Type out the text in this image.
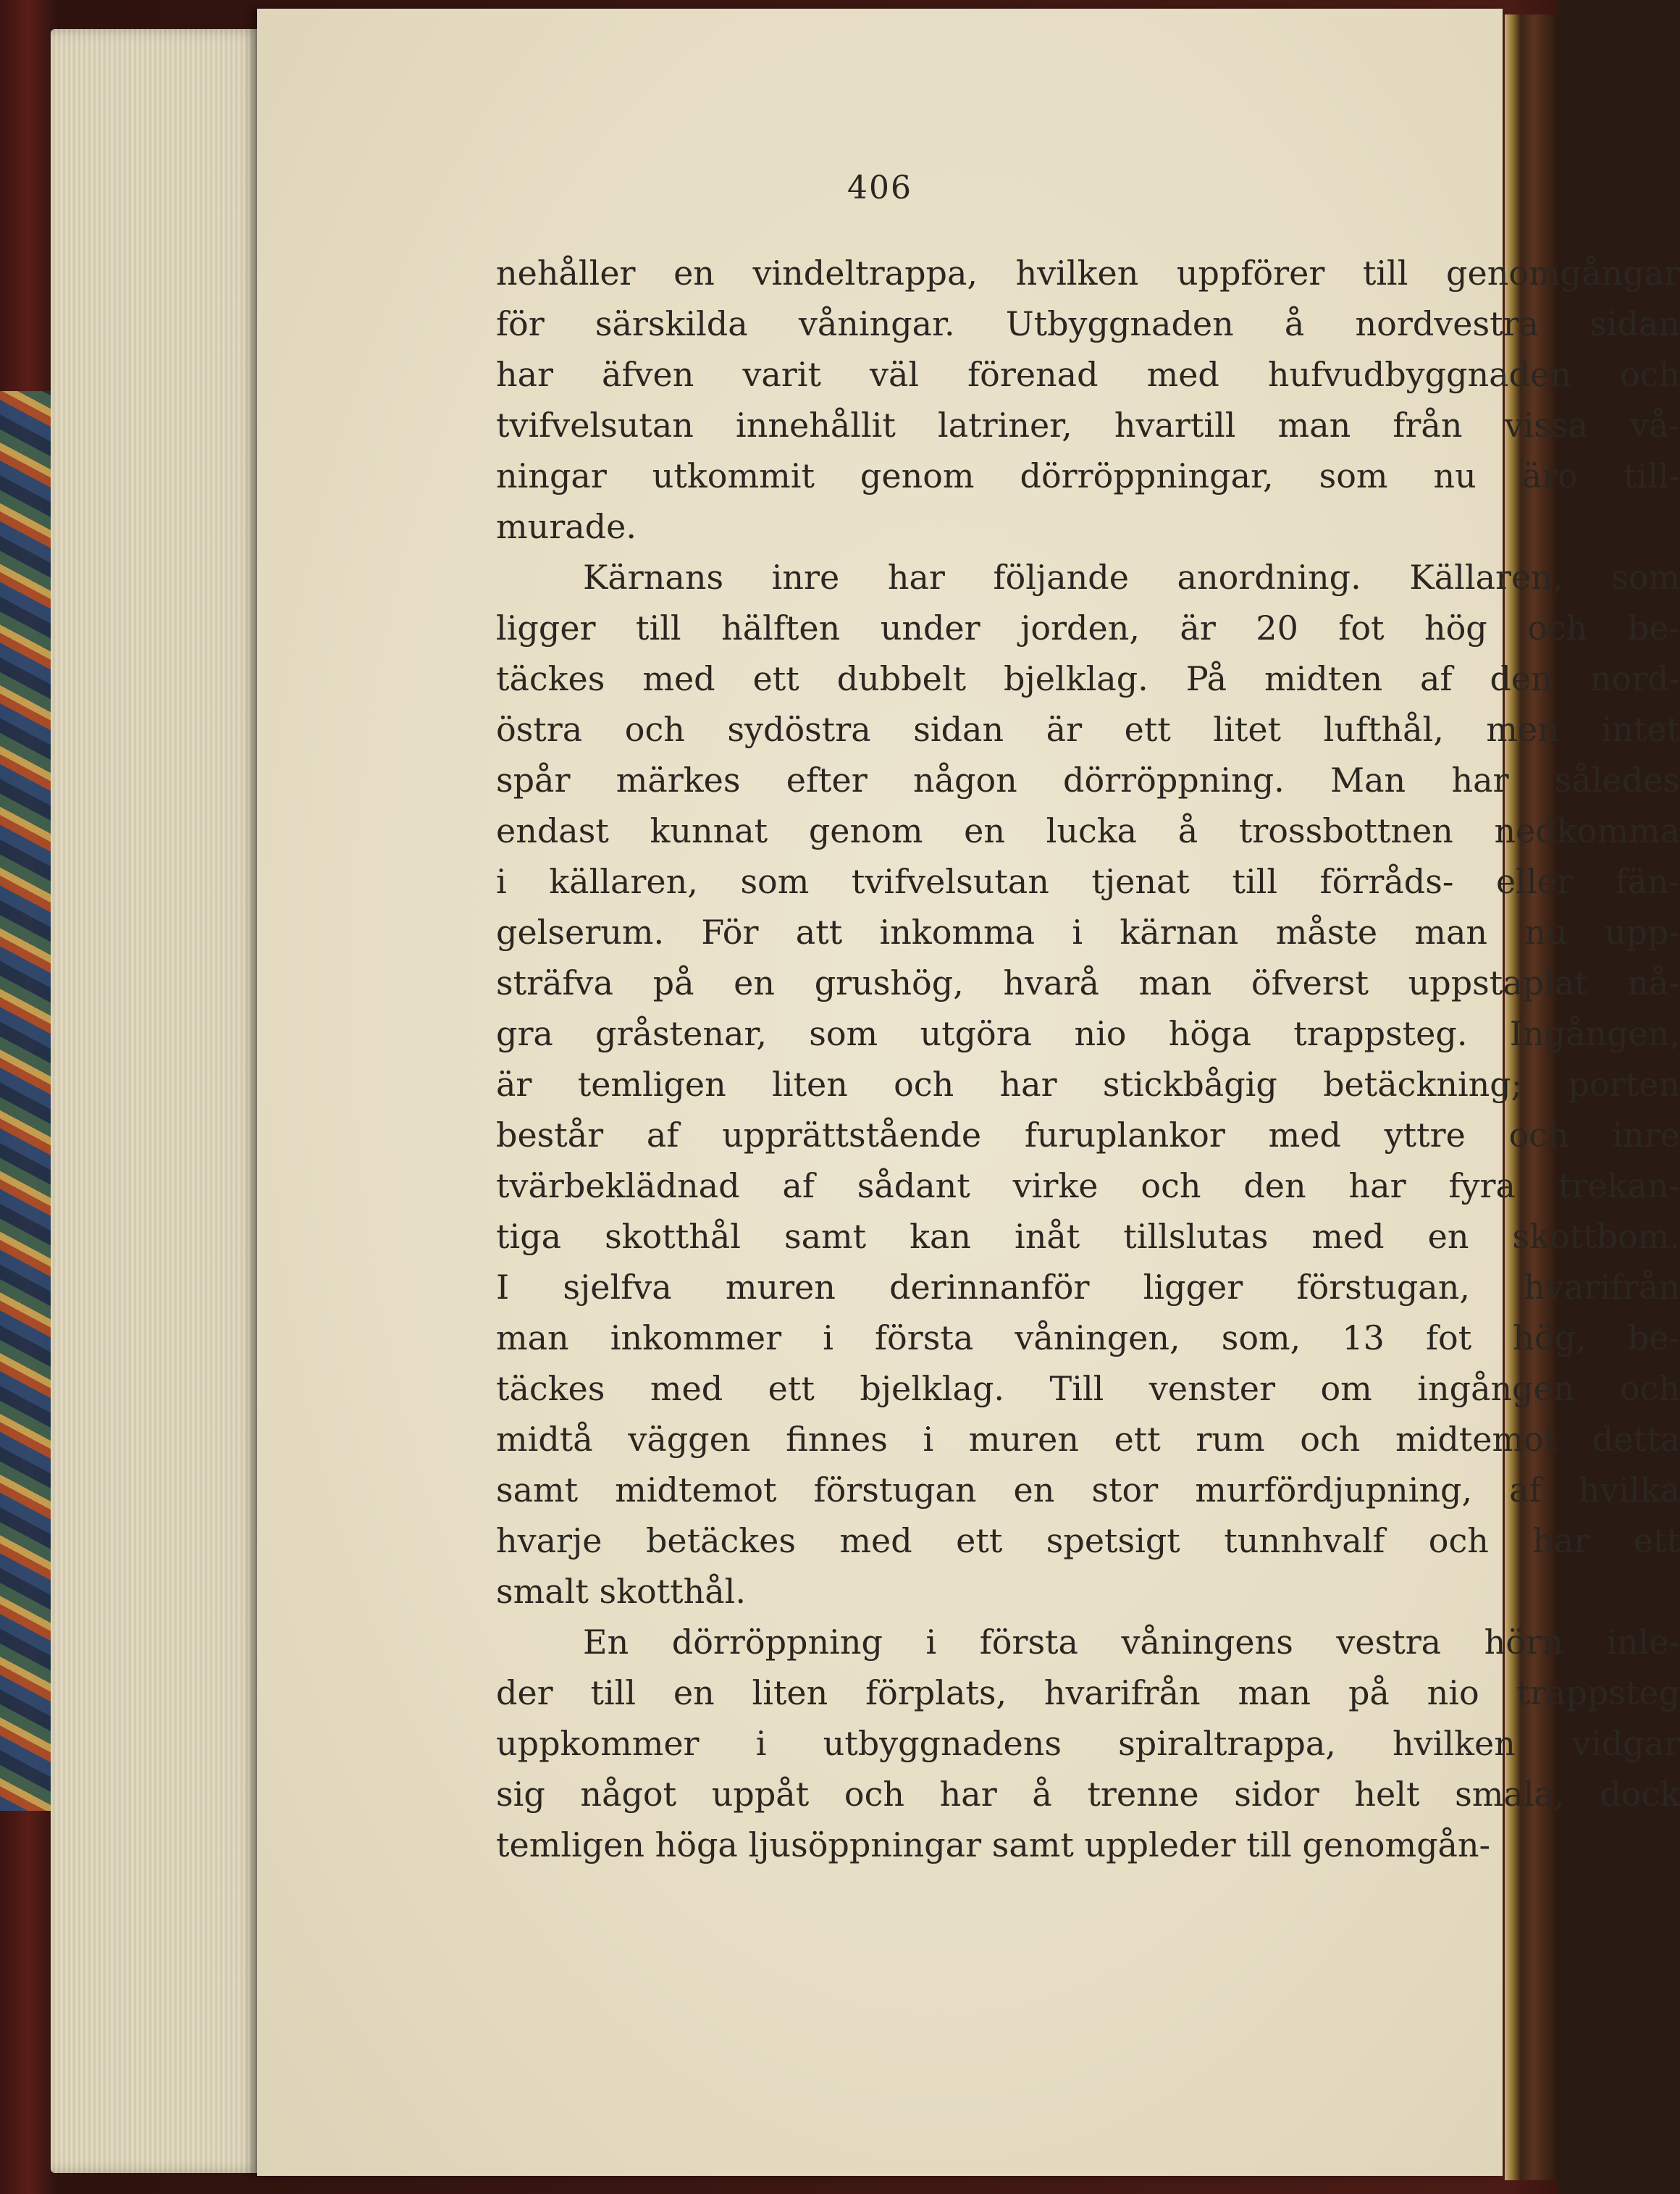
406

nehåller en vindeltrappa, hvilken uppförer till genomgångar
för särskilda våningar. Utbyggnaden å nordvestra sidan
har äfven varit väl förenad med hufvudbyggnaden och
tvifvelsutan innehållit latriner, hvartill man från vissa vå-
ningar utkommit genom dörröppningar, som nu äro till-
murade.

Kärnans inre har följande anordning. Källaren, som
ligger till hälften under jorden, är 20 fot hög och be-
täckes med ett dubbelt bjelklag. På midten af den nord-
östra och sydöstra sidan är ett litet lufthål, men intet
spår märkes efter någon dörröppning. Man har således
endast kunnat genom en lucka å trossbottnen nedkomma
i källaren, som tvifvelsutan tjenat till förråds- eller fän-
gelserum. För att inkomma i kärnan måste man nu upp-
sträfva på en grushög, hvarå man öfverst uppstaplat nå-
gra gråstenar, som utgöra nio höga trappsteg. Ingången,
är temligen liten och har stickbågig betäckning; porten
består af upprättstående furuplankor med yttre och inre
tvärbeklädnad af sådant virke och den har fyra trekan-
tiga skotthål samt kan inåt tillslutas med en skottbom.
I sjelfva muren derinnanför ligger förstugan, hvarifrån
man inkommer i första våningen, som, 13 fot hög, be-
täckes med ett bjelklag. Till venster om ingången och
midtå väggen finnes i muren ett rum och midtemot detta
samt midtemot förstugan en stor murfördjupning, af hvilka
hvarje betäckes med ett spetsigt tunnhvalf och har ett
smalt skotthål.

En dörröppning i första våningens vestra hörn inle-
der till en liten förplats, hvarifrån man på nio trappsteg
uppkommer i utbyggnadens spiraltrappa, hvilken vidgar
sig något uppåt och har å trenne sidor helt smala, dock
temligen höga ljusöppningar samt uppleder till genomgån-
